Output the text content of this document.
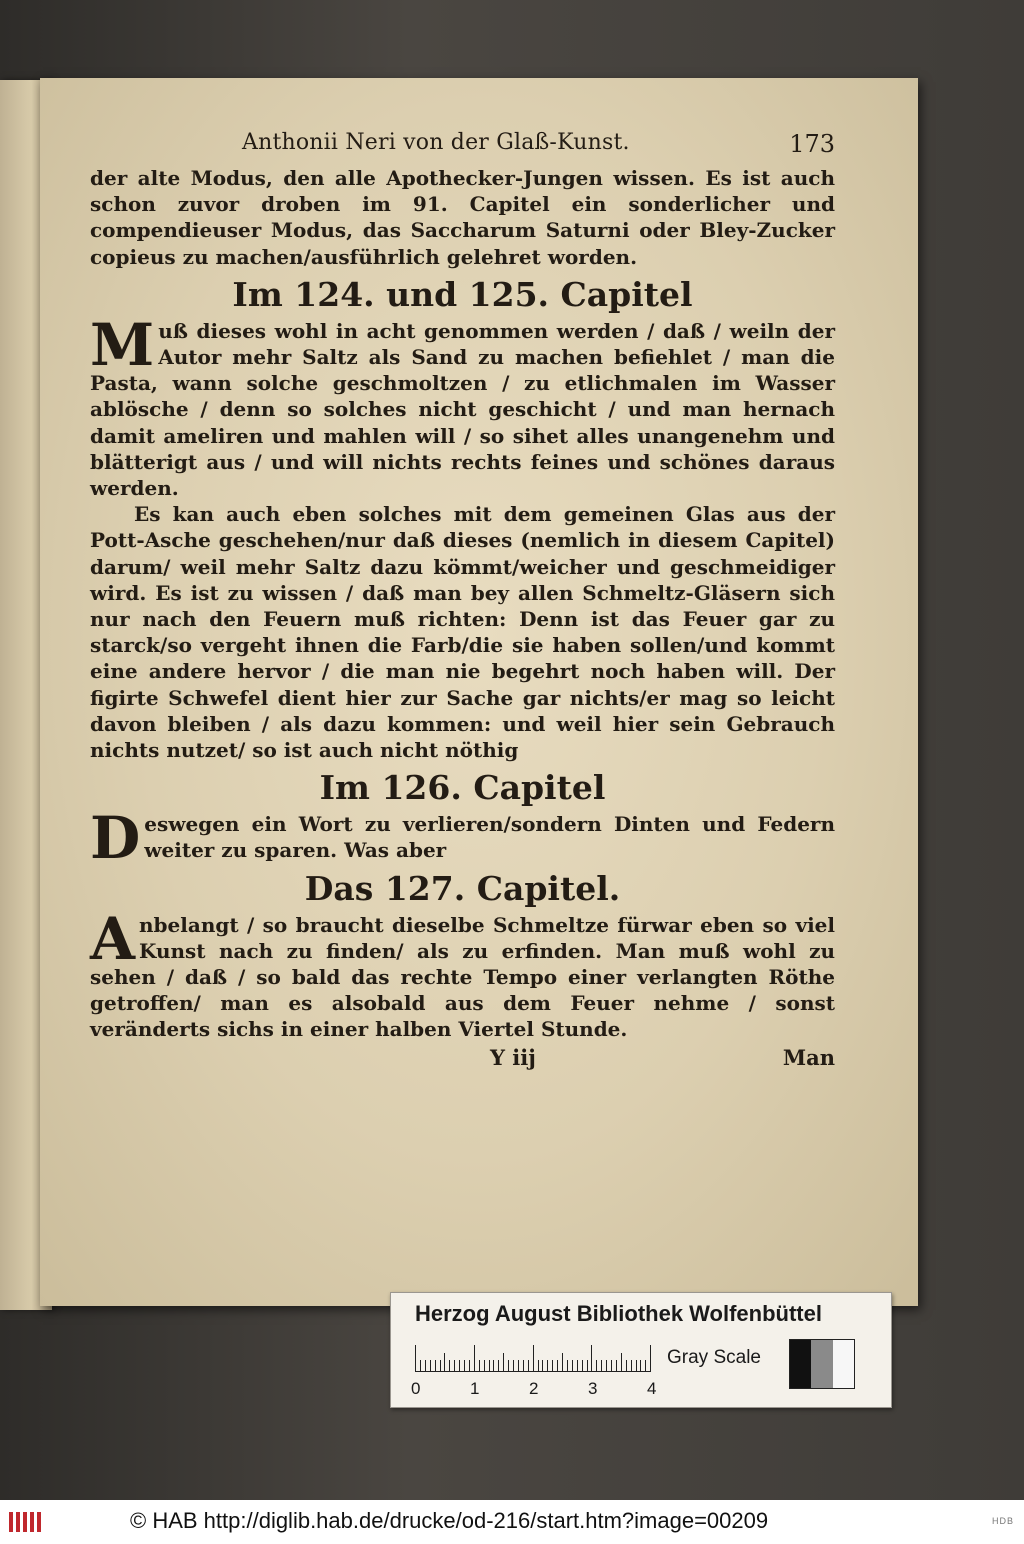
Anthonii Neri von der Glaß-Kunst.	173

der alte Modus, den alle Apothecker-Jungen wissen. Es ist auch schon zuvor droben im 91. Capitel ein sonderlicher und compendieuser Modus, das Saccharum Saturni oder Bley-Zucker copieus zu machen/ausführlich gelehret worden.

Im 124. und 125. Capitel

Muß dieses wohl in acht genommen werden / daß / weiln der Autor mehr Saltz als Sand zu machen befiehlet / man die Pasta, wann solche geschmoltzen / zu etlichmalen im Wasser ablösche / denn so solches nicht geschicht / und man hernach damit ameliren und mahlen will / so sihet alles unangenehm und blätterigt aus / und will nichts rechts feines und schönes daraus werden.

Es kan auch eben solches mit dem gemeinen Glas aus der Pott-Asche geschehen/nur daß dieses (nemlich in diesem Capitel) darum/ weil mehr Saltz dazu kömmt/weicher und geschmeidiger wird. Es ist zu wissen / daß man bey allen Schmeltz-Gläsern sich nur nach den Feuern muß richten: Denn ist das Feuer gar zu starck/so vergeht ihnen die Farb/die sie haben sollen/und kommt eine andere hervor / die man nie begehrt noch haben will. Der figirte Schwefel dient hier zur Sache gar nichts/er mag so leicht davon bleiben / als dazu kommen: und weil hier sein Gebrauch nichts nutzet/ so ist auch nicht nöthig

Im 126. Capitel

Deswegen ein Wort zu verlieren/sondern Dinten und Federn weiter zu sparen. Was aber

Das 127. Capitel.

Anbelangt / so braucht dieselbe Schmeltze fürwar eben so viel Kunst nach zu finden/ als zu erfinden. Man muß wohl zu sehen / daß / so bald das rechte Tempo einer verlangten Röthe getroffen/ man es alsobald aus dem Feuer nehme / sonst veränderts sichs in einer halben Viertel Stunde.

Y iij	Man
Herzog August Bibliothek Wolfenbüttel
0	1	2	3	4
Gray Scale
© HAB http://diglib.hab.de/drucke/od-216/start.htm?image=00209	HDB
